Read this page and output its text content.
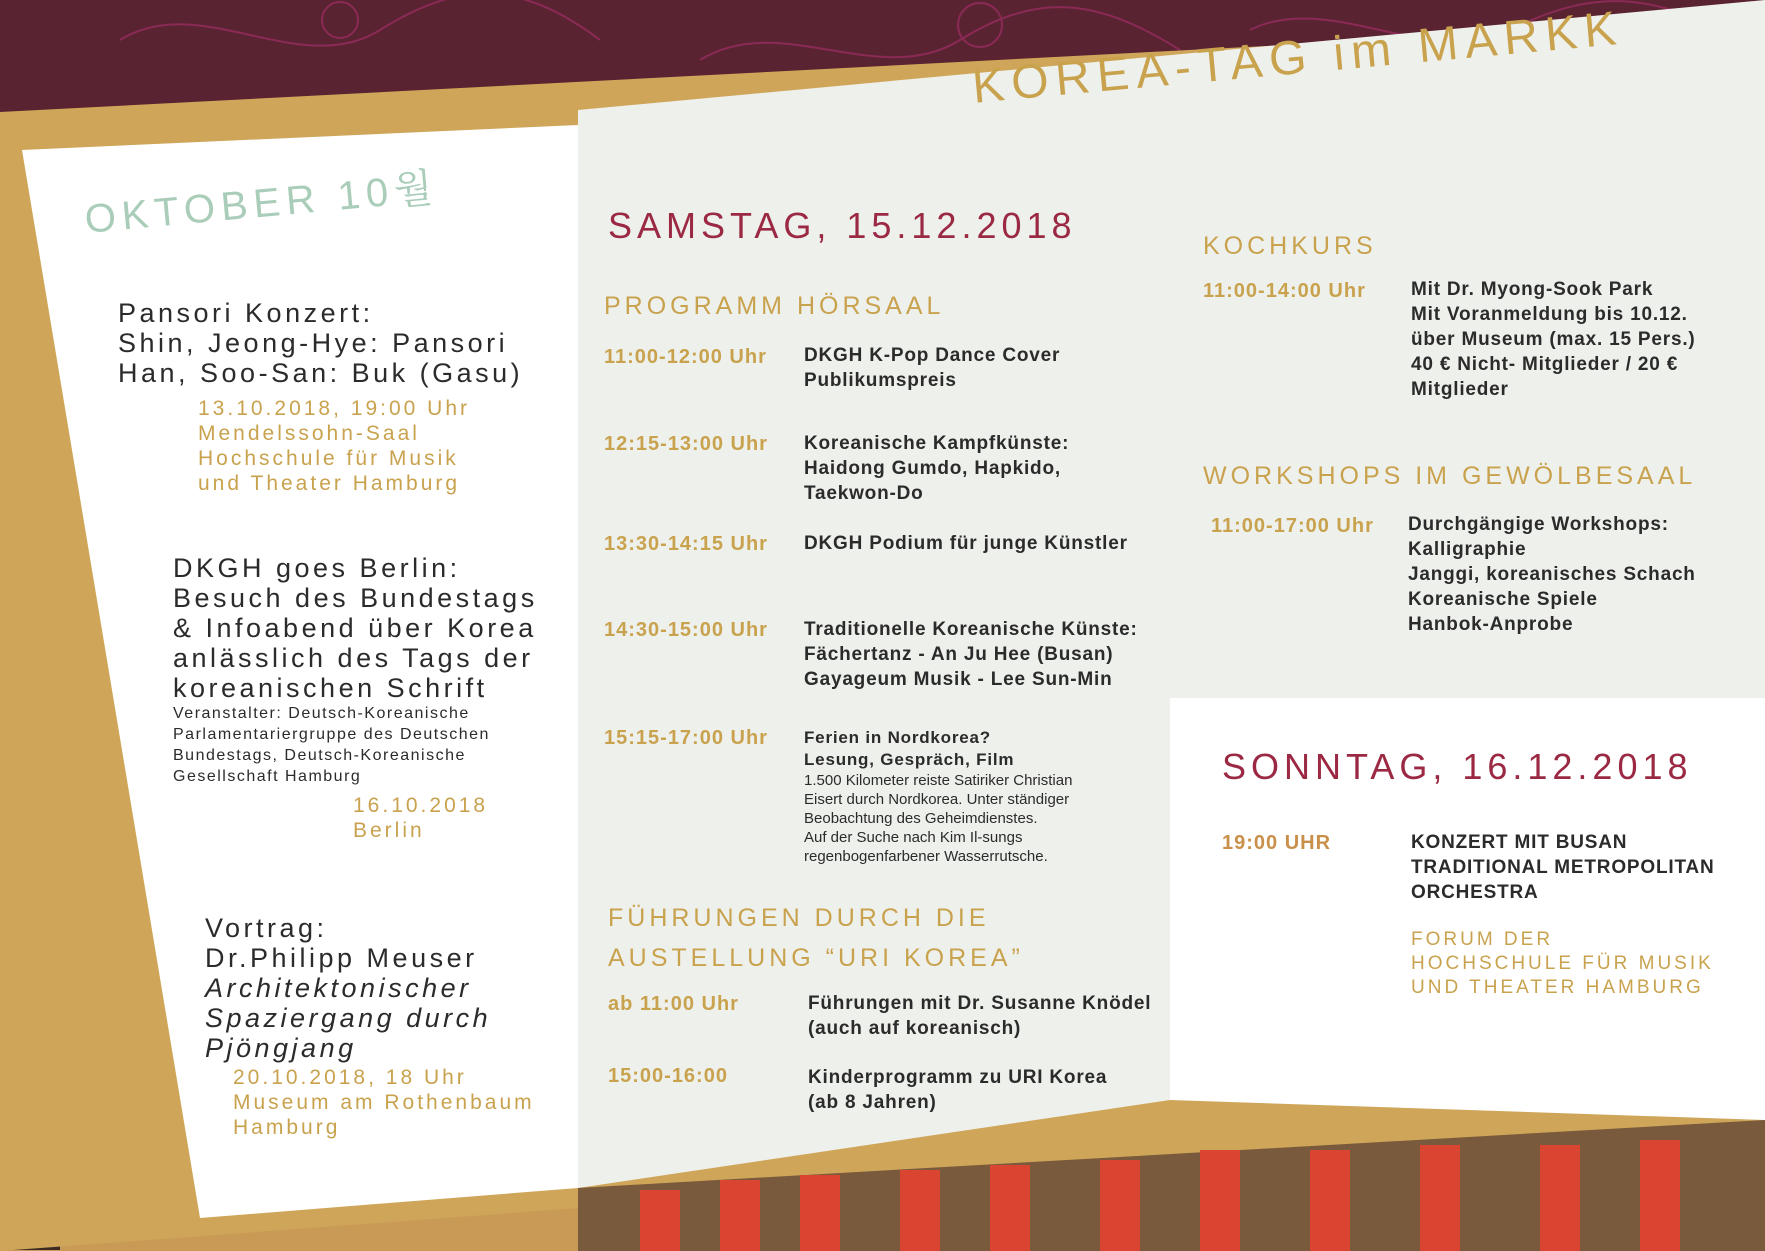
KOREA-TAG im MARKK
OKTOBER 10월
Pansori Konzert:
Shin, Jeong-Hye: Pansori
Han, Soo-San: Buk (Gasu)
13.10.2018, 19:00 Uhr
Mendelssohn-Saal
Hochschule für Musik
und Theater Hamburg
DKGH goes Berlin:
Besuch des Bundestags
& Infoabend über Korea
anlässlich des Tags der
koreanischen Schrift
Veranstalter: Deutsch-Koreanische
Parlamentariergruppe des Deutschen
Bundestags, Deutsch-Koreanische
Gesellschaft Hamburg
16.10.2018
Berlin
Vortrag:
Dr.Philipp Meuser
Architektonischer
Spaziergang durch
Pjöngjang
20.10.2018, 18 Uhr
Museum am Rothenbaum
Hamburg
SAMSTAG, 15.12.2018
PROGRAMM HÖRSAAL
11:00-12:00 Uhr DKGH K-Pop Dance Cover
Publikumspreis
12:15-13:00 Uhr Koreanische Kampfkünste:
Haidong Gumdo, Hapkido,
Taekwon-Do
13:30-14:15 Uhr DKGH Podium für junge Künstler
14:30-15:00 Uhr Traditionelle Koreanische Künste:
Fächertanz - An Ju Hee (Busan)
Gayageum Musik - Lee Sun-Min
15:15-17:00 Uhr Ferien in Nordkorea?
Lesung, Gespräch, Film
1.500 Kilometer reiste Satiriker Christian
Eisert durch Nordkorea. Unter ständiger
Beobachtung des Geheimdienstes.
Auf der Suche nach Kim Il-sungs
regenbogenfarbener Wasserrutsche.
FÜHRUNGEN DURCH DIE
AUSTELLUNG “URI KOREA”
ab 11:00 Uhr	Führungen mit Dr. Susanne Knödel
(auch auf koreanisch)
15:00-16:00	Kinderprogramm zu URI Korea
(ab 8 Jahren)
KOCHKURS
11:00-14:00 Uhr Mit Dr. Myong-Sook Park
Mit Voranmeldung bis 10.12.
über Museum (max. 15 Pers.)
40 € Nicht- Mitglieder / 20 €
Mitglieder
WORKSHOPS IM GEWÖLBESAAL
11:00-17:00 Uhr Durchgängige Workshops:
Kalligraphie
Janggi, koreanisches Schach
Koreanische Spiele
Hanbok-Anprobe
SONNTAG, 16.12.2018
19:00 UHR	KONZERT MIT BUSAN
TRADITIONAL METROPOLITAN
ORCHESTRA
FORUM DER
HOCHSCHULE FÜR MUSIK
UND THEATER HAMBURG
